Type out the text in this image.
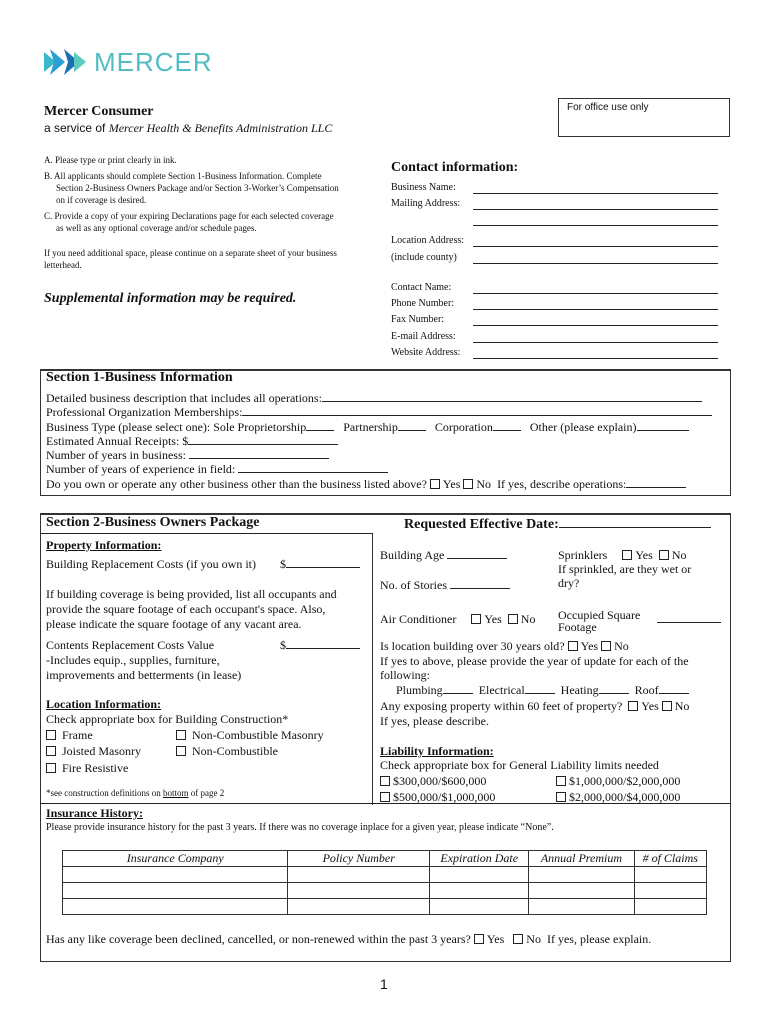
MERCER
For office use only
Mercer Consumer
a service of Mercer Health & Benefits Administration LLC
A. Please type or print clearly in ink.
B. All applicants should complete Section 1-Business Information. Complete
Section 2-Business Owners Package and/or Section 3-Worker’s Compensation
on if coverage is desired.
C. Provide a copy of your expiring Declarations page for each selected coverage
as well as any optional coverage and/or schedule pages.
If you need additional space, please continue on a separate sheet of your business
letterhead.
Supplemental information may be required.
Contact information:
Business Name:
Mailing Address:
Location Address:
(include county)
Contact Name:
Phone Number:
Fax Number:
E-mail Address:
Website Address:
Section 1-Business Information
Detailed business description that includes all operations:
Professional Organization Memberships:
Business Type (please select one): Sole Proprietorship	Partnership	Corporation	Other (please explain)
Estimated Annual Receipts: $
Number of years in business:
Number of years of experience in field:
Do you own or operate any other business other than the business listed above? Yes No If yes, describe operations:
Section 2-Business Owners Package	Requested Effective Date:
Property Information:
Building Replacement Costs (if you own it) $
If building coverage is being provided, list all occupants and
provide the square footage of each occupant's space. Also,
please indicate the square footage of any vacant area.
Contents Replacement Costs Value
-Includes equip., supplies, furniture,
improvements and betterments (in lease)
$
Location Information:
Check appropriate box for Building Construction*
Frame
Joisted Masonry
Fire Resistive
Non-Combustible Masonry
Non-Combustible
*see construction definitions on bottom of page 2
Building Age
No. of Stories
Sprinklers Yes No
If sprinkled, are they wet or
dry?
Air Conditioner Yes No Occupied Square
Footage
Is location building over 30 years old? Yes No
If yes to above, please provide the year of update for each of the
following:
Plumbing	Electrical	Heating	Roof
Any exposing property within 60 feet of property? Yes No
If yes, please describe.
Liability Information:
Check appropriate box for General Liability limits needed
$300,000/$600,000
$500,000/$1,000,000
$1,000,000/$2,000,000
$2,000,000/$4,000,000
Insurance History:
Please provide insurance history for the past 3 years. If there was no coverage inplace for a given year, please indicate “None”.
Insurance Company	Policy Number	Expiration Date	Annual Premium	# of Claims

Has any like coverage been declined, cancelled, or non-renewed within the past 3 years? Yes No If yes, please explain.
1
